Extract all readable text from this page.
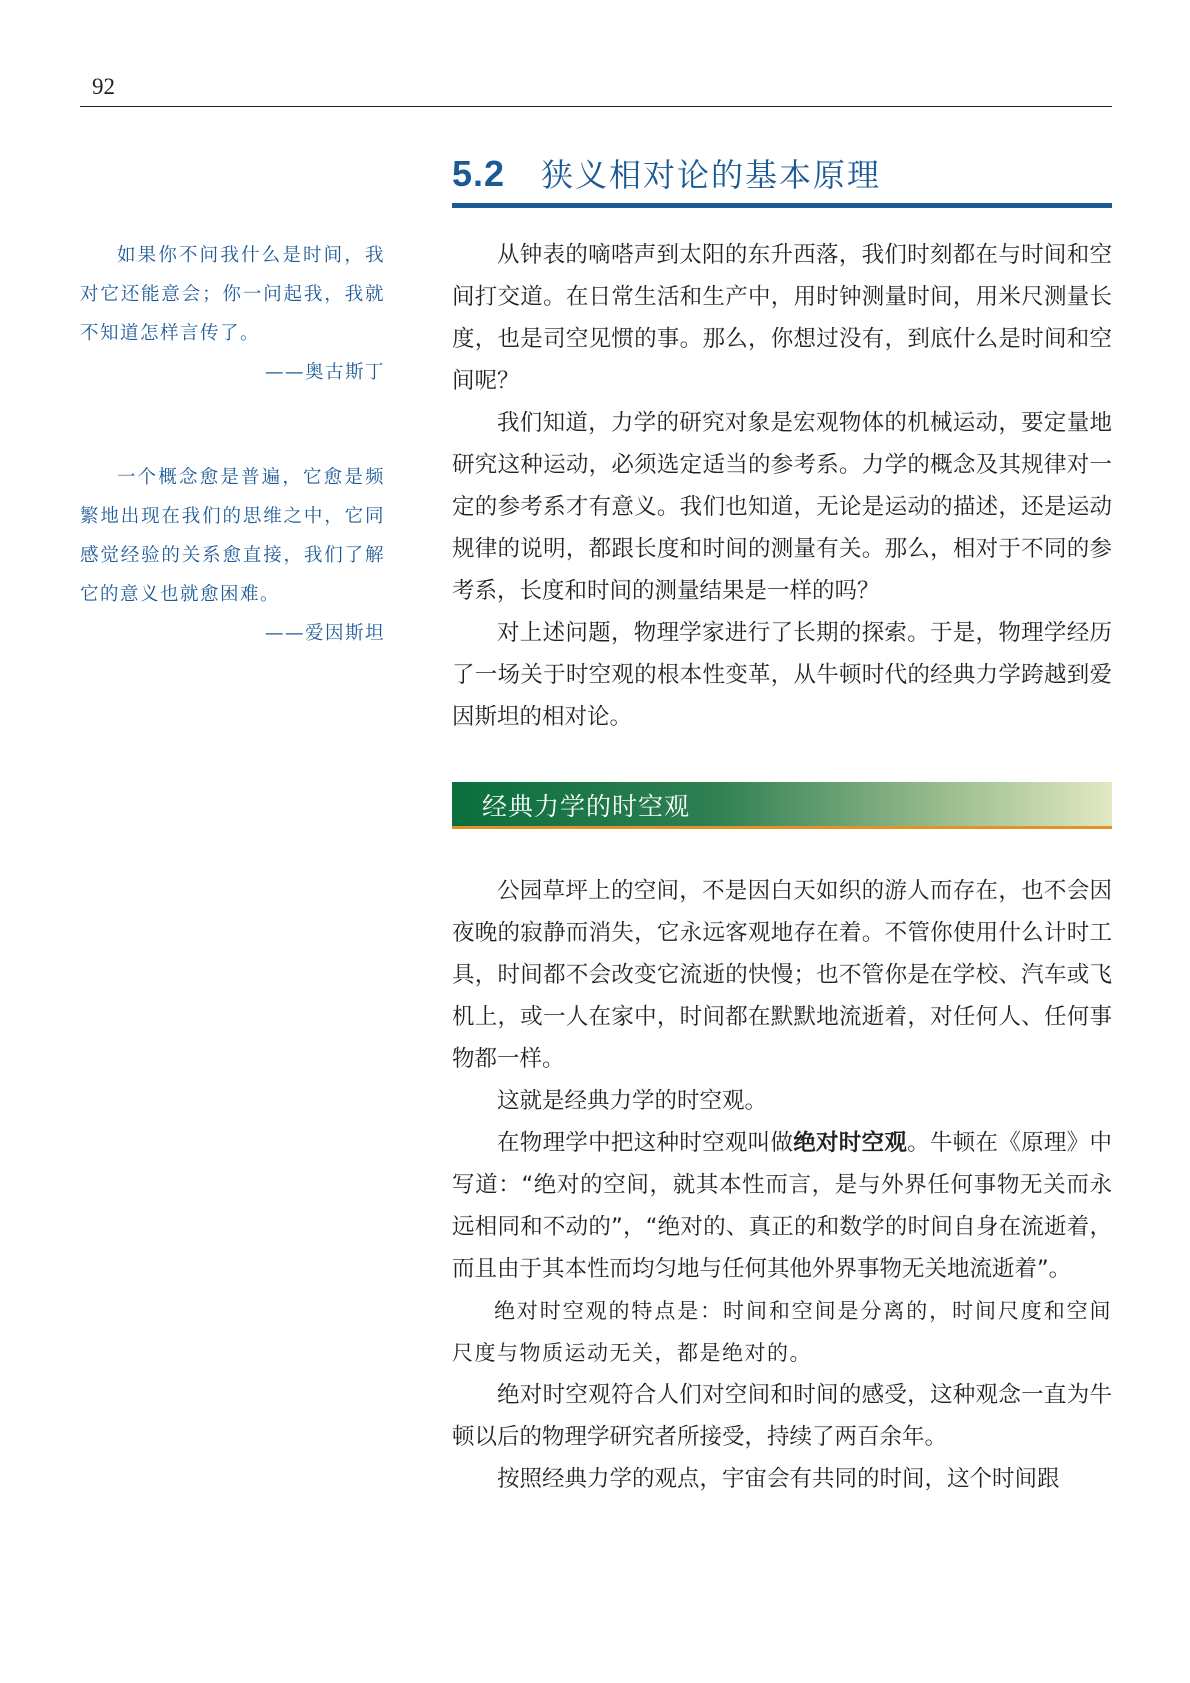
92
5.2 狭义相对论的基本原理

如果你不问我什么是时间，我对它还能意会；你一问起我，我就不知道怎样言传了。

——奥古斯丁

一个概念愈是普遍，它愈是频繁地出现在我们的思维之中，它同感觉经验的关系愈直接，我们了解它的意义也就愈困难。

——爱因斯坦

从钟表的嘀嗒声到太阳的东升西落，我们时刻都在与时间和空间打交道。在日常生活和生产中，用时钟测量时间，用米尺测量长度，也是司空见惯的事。那么，你想过没有，到底什么是时间和空间呢？

我们知道，力学的研究对象是宏观物体的机械运动，要定量地研究这种运动，必须选定适当的参考系。力学的概念及其规律对一定的参考系才有意义。我们也知道，无论是运动的描述，还是运动规律的说明，都跟长度和时间的测量有关。那么，相对于不同的参考系，长度和时间的测量结果是一样的吗？

对上述问题，物理学家进行了长期的探索。于是，物理学经历了一场关于时空观的根本性变革，从牛顿时代的经典力学跨越到爱因斯坦的相对论。

经典力学的时空观

公园草坪上的空间，不是因白天如织的游人而存在，也不会因夜晚的寂静而消失，它永远客观地存在着。不管你使用什么计时工具，时间都不会改变它流逝的快慢；也不管你是在学校、汽车或飞机上，或一人在家中，时间都在默默地流逝着，对任何人、任何事物都一样。

这就是经典力学的时空观。

在物理学中把这种时空观叫做绝对时空观。牛顿在《原理》中写道：“绝对的空间，就其本性而言，是与外界任何事物无关而永远相同和不动的”，“绝对的、真正的和数学的时间自身在流逝着，而且由于其本性而均匀地与任何其他外界事物无关地流逝着”。

绝对时空观的特点是：时间和空间是分离的，时间尺度和空间尺度与物质运动无关，都是绝对的。

绝对时空观符合人们对空间和时间的感受，这种观念一直为牛顿以后的物理学研究者所接受，持续了两百余年。

按照经典力学的观点，宇宙会有共同的时间，这个时间跟
